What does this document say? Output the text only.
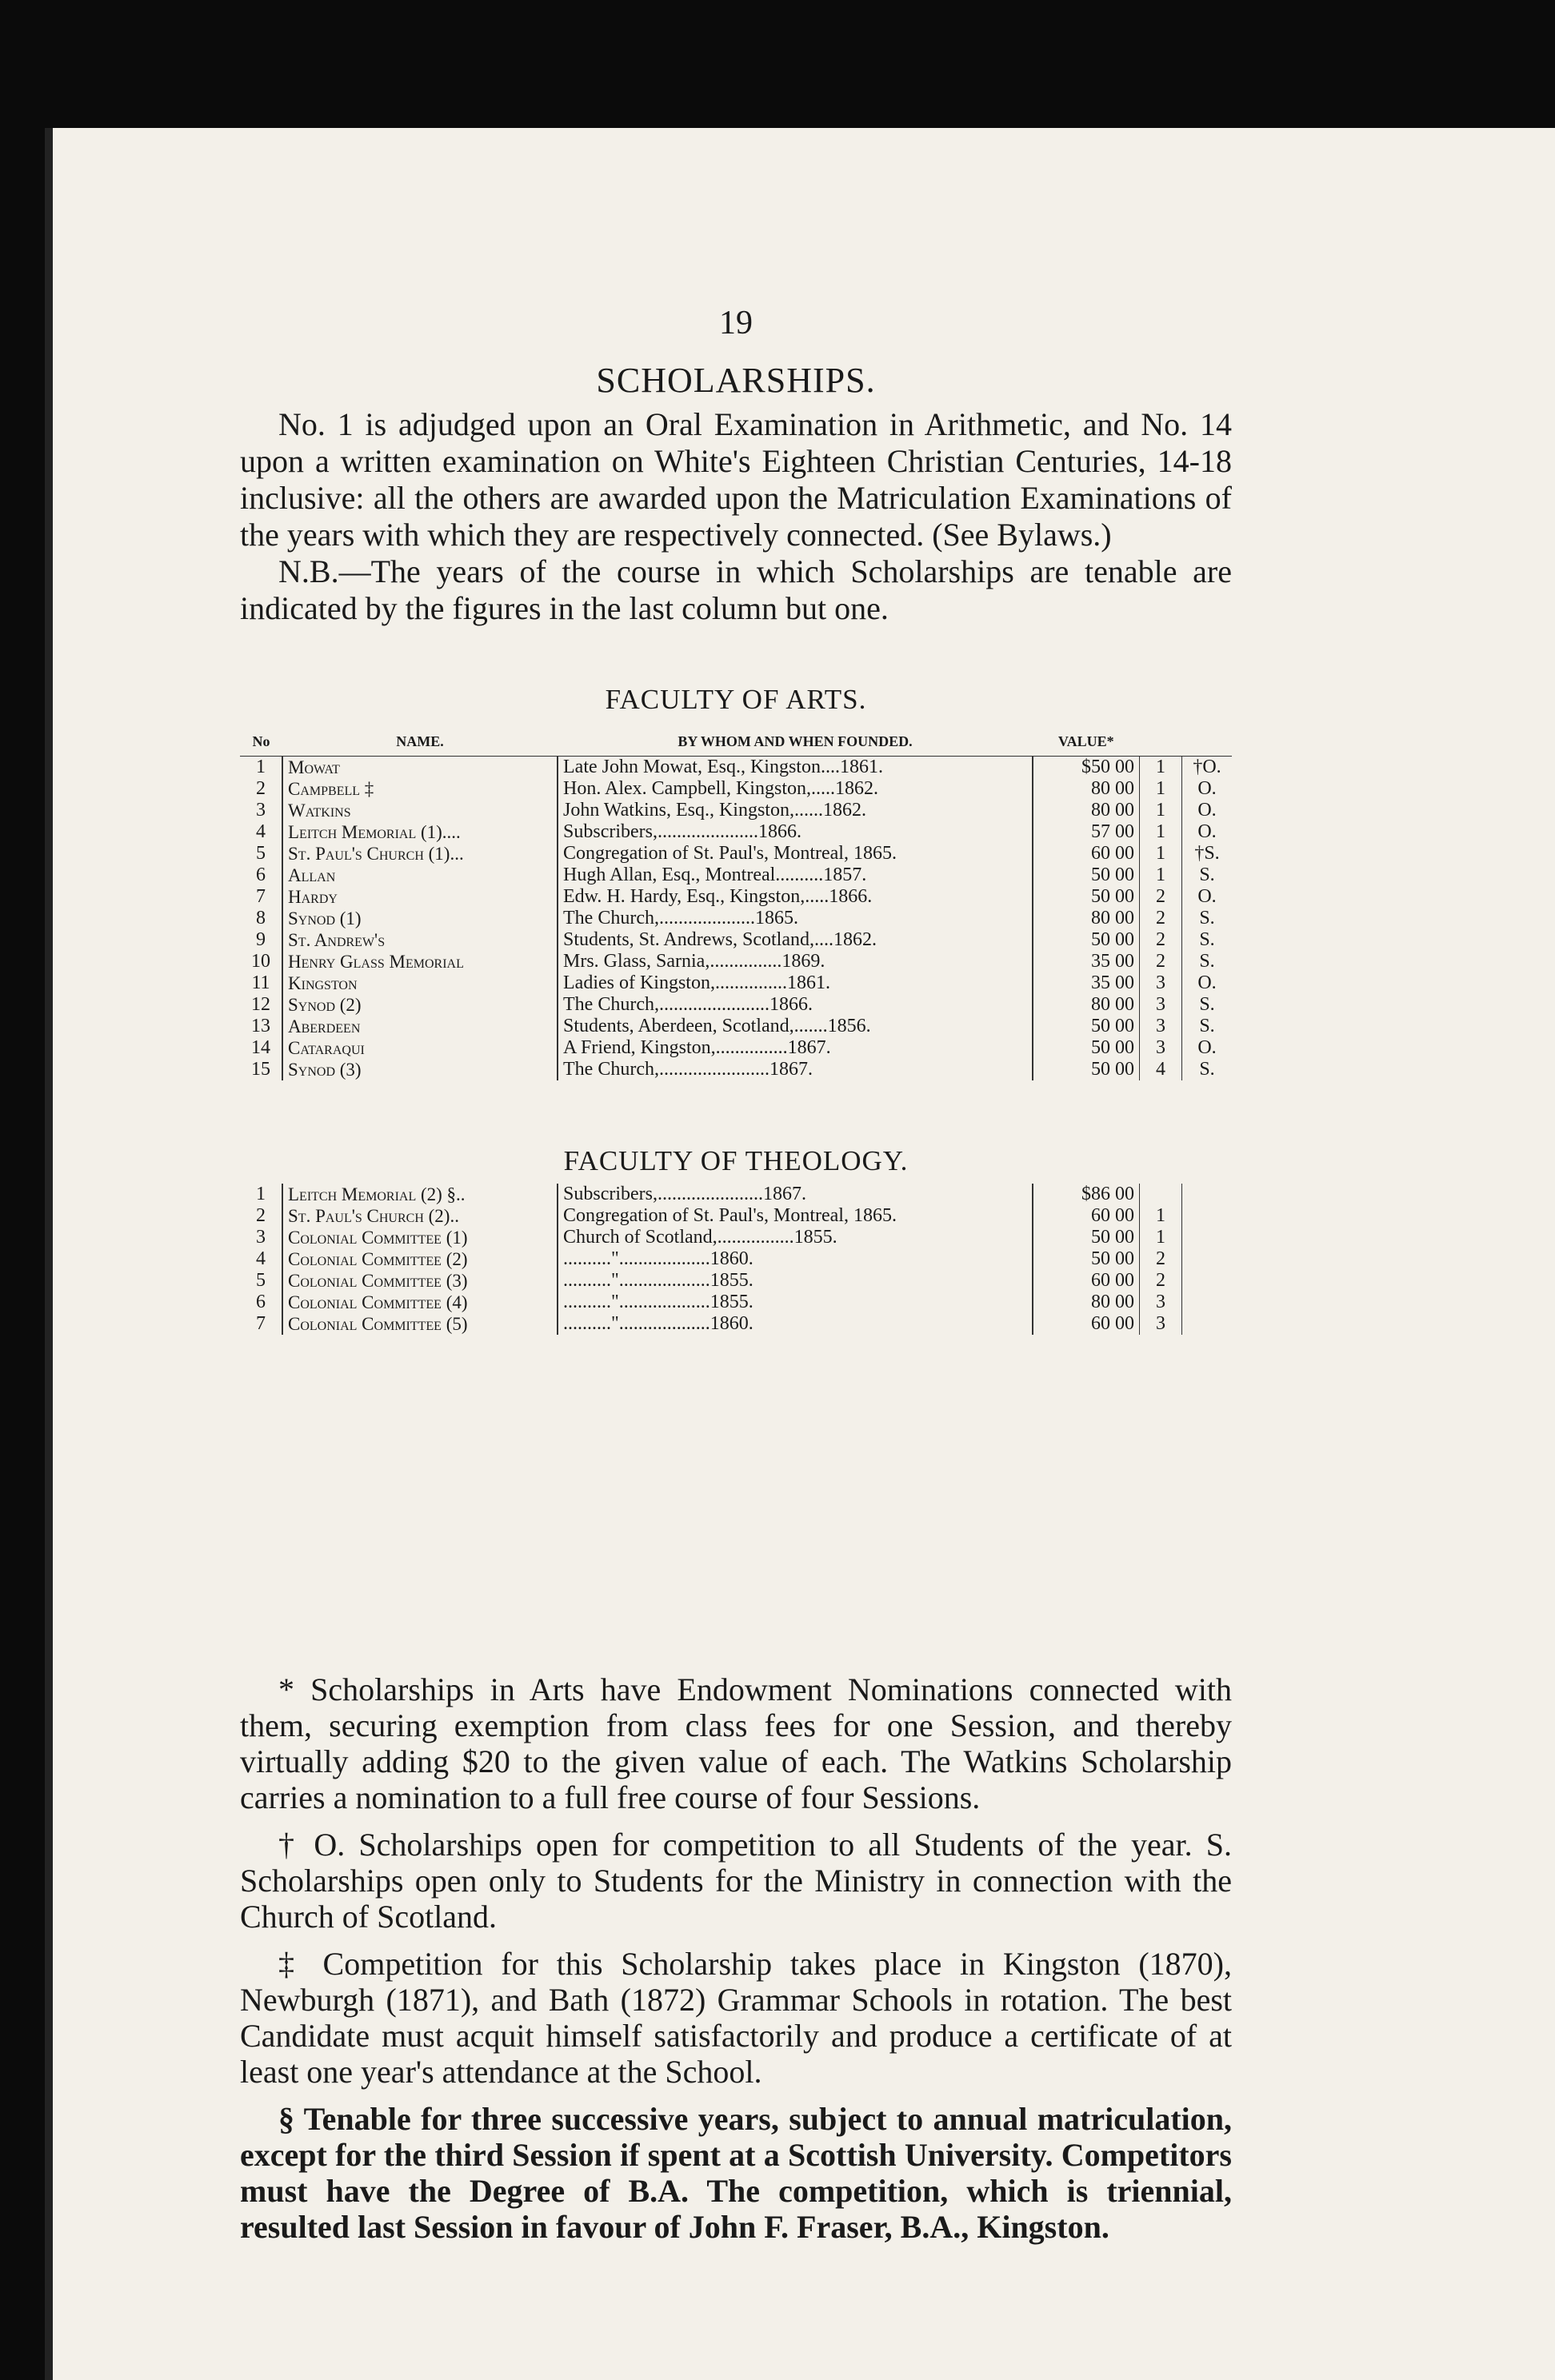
19
SCHOLARSHIPS.

No. 1 is adjudged upon an Oral Examination in Arithmetic, and No. 14 upon a written examination on White's Eighteen Christian Centuries, 14-18 inclusive: all the others are awarded upon the Matriculation Examinations of the years with which they are respectively connected. (See Bylaws.)

N.B.—The years of the course in which Scholarships are tenable are indicated by the figures in the last column but one.

FACULTY OF ARTS.
No	NAME.	BY WHOM AND WHEN FOUNDED.	VALUE*		
1	Mowat	Late John Mowat, Esq., Kingston....1861.	$50 00	1	†O.
2	Campbell ‡	Hon. Alex. Campbell, Kingston,.....1862.	80 00	1	O.
3	Watkins	John Watkins, Esq., Kingston,......1862.	80 00	1	O.
4	Leitch Memorial (1)....	Subscribers,.....................1866.	57 00	1	O.
5	St. Paul's Church (1)...	Congregation of St. Paul's, Montreal, 1865.	60 00	1	†S.
6	Allan	Hugh Allan, Esq., Montreal..........1857.	50 00	1	S.
7	Hardy	Edw. H. Hardy, Esq., Kingston,.....1866.	50 00	2	O.
8	Synod (1)	The Church,....................1865.	80 00	2	S.
9	St. Andrew's	Students, St. Andrews, Scotland,....1862.	50 00	2	S.
10	Henry Glass Memorial	Mrs. Glass, Sarnia,...............1869.	35 00	2	S.
11	Kingston	Ladies of Kingston,...............1861.	35 00	3	O.
12	Synod (2)	The Church,.......................1866.	80 00	3	S.
13	Aberdeen	Students, Aberdeen, Scotland,.......1856.	50 00	3	S.
14	Cataraqui	A Friend, Kingston,...............1867.	50 00	3	O.
15	Synod (3)	The Church,.......................1867.	50 00	4	S.
FACULTY OF THEOLOGY.
1	Leitch Memorial (2) §..	Subscribers,......................1867.	$86 00		
2	St. Paul's Church (2)..	Congregation of St. Paul's, Montreal, 1865.	60 00	1	
3	Colonial Committee (1)	Church of Scotland,................1855.	50 00	1	
4	Colonial Committee (2)	.........."...................1860.	50 00	2	
5	Colonial Committee (3)	.........."...................1855.	60 00	2	
6	Colonial Committee (4)	.........."...................1855.	80 00	3	
7	Colonial Committee (5)	.........."...................1860.	60 00	3	

* Scholarships in Arts have Endowment Nominations connected with them, securing exemption from class fees for one Session, and thereby virtually adding $20 to the given value of each. The Watkins Scholarship carries a nomination to a full free course of four Sessions.

† O. Scholarships open for competition to all Students of the year. S. Scholarships open only to Students for the Ministry in connection with the Church of Scotland.

‡ Competition for this Scholarship takes place in Kingston (1870), Newburgh (1871), and Bath (1872) Grammar Schools in rotation. The best Candidate must acquit himself satisfactorily and produce a certificate of at least one year's attendance at the School.

§ Tenable for three successive years, subject to annual matriculation, except for the third Session if spent at a Scottish University. Competitors must have the Degree of B.A. The competition, which is triennial, resulted last Session in favour of John F. Fraser, B.A., Kingston.
